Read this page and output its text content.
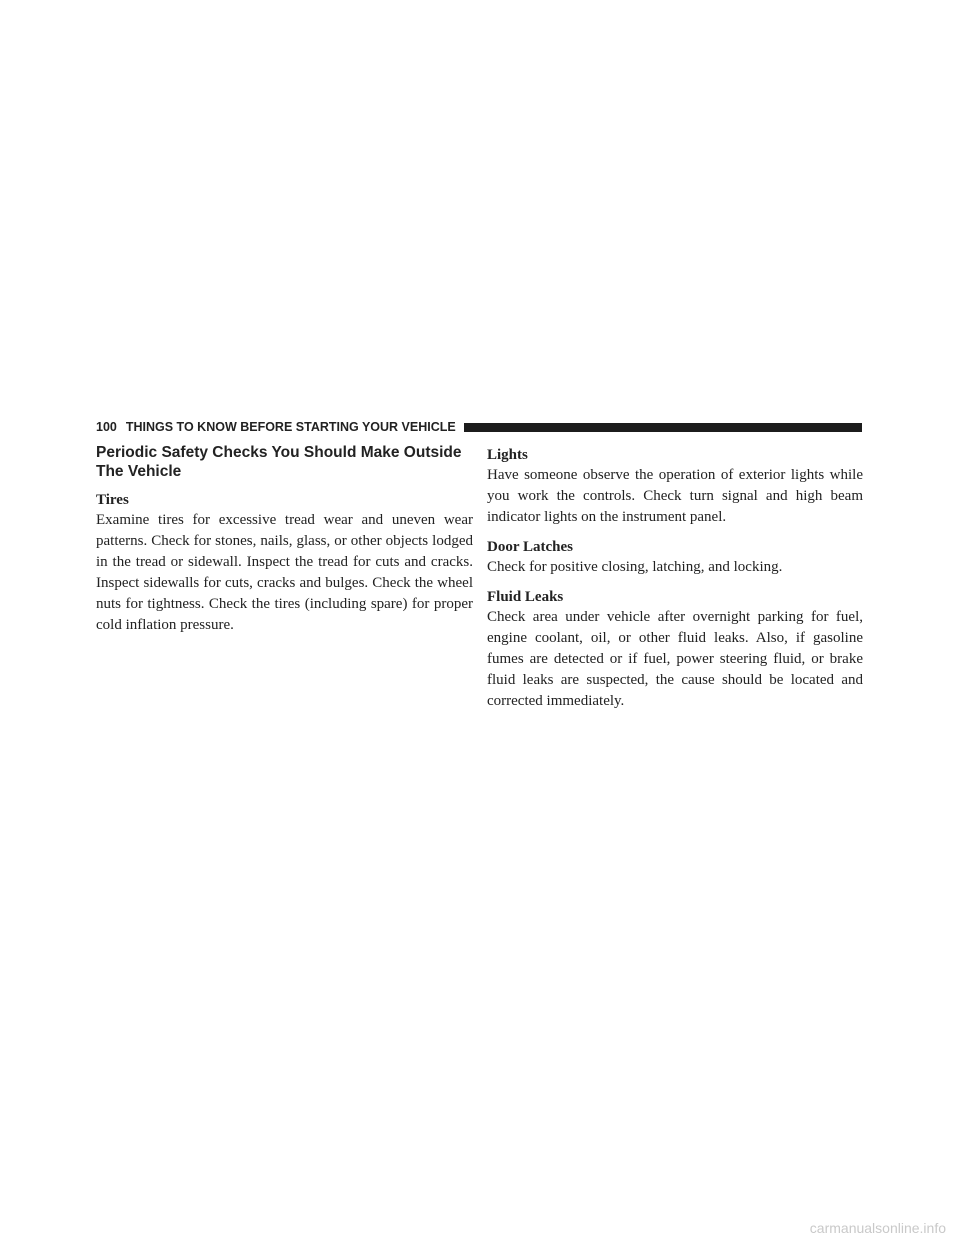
100 THINGS TO KNOW BEFORE STARTING YOUR VEHICLE
Periodic Safety Checks You Should Make Outside The Vehicle
Tires

Examine tires for excessive tread wear and uneven wear patterns. Check for stones, nails, glass, or other objects lodged in the tread or sidewall. Inspect the tread for cuts and cracks. Inspect sidewalls for cuts, cracks and bulges. Check the wheel nuts for tightness. Check the tires (including spare) for proper cold inflation pressure.

Lights

Have someone observe the operation of exterior lights while you work the controls. Check turn signal and high beam indicator lights on the instrument panel.

Door Latches

Check for positive closing, latching, and locking.

Fluid Leaks

Check area under vehicle after overnight parking for fuel, engine coolant, oil, or other fluid leaks. Also, if gasoline fumes are detected or if fuel, power steering fluid, or brake fluid leaks are suspected, the cause should be located and corrected immediately.

carmanualsonline.info
